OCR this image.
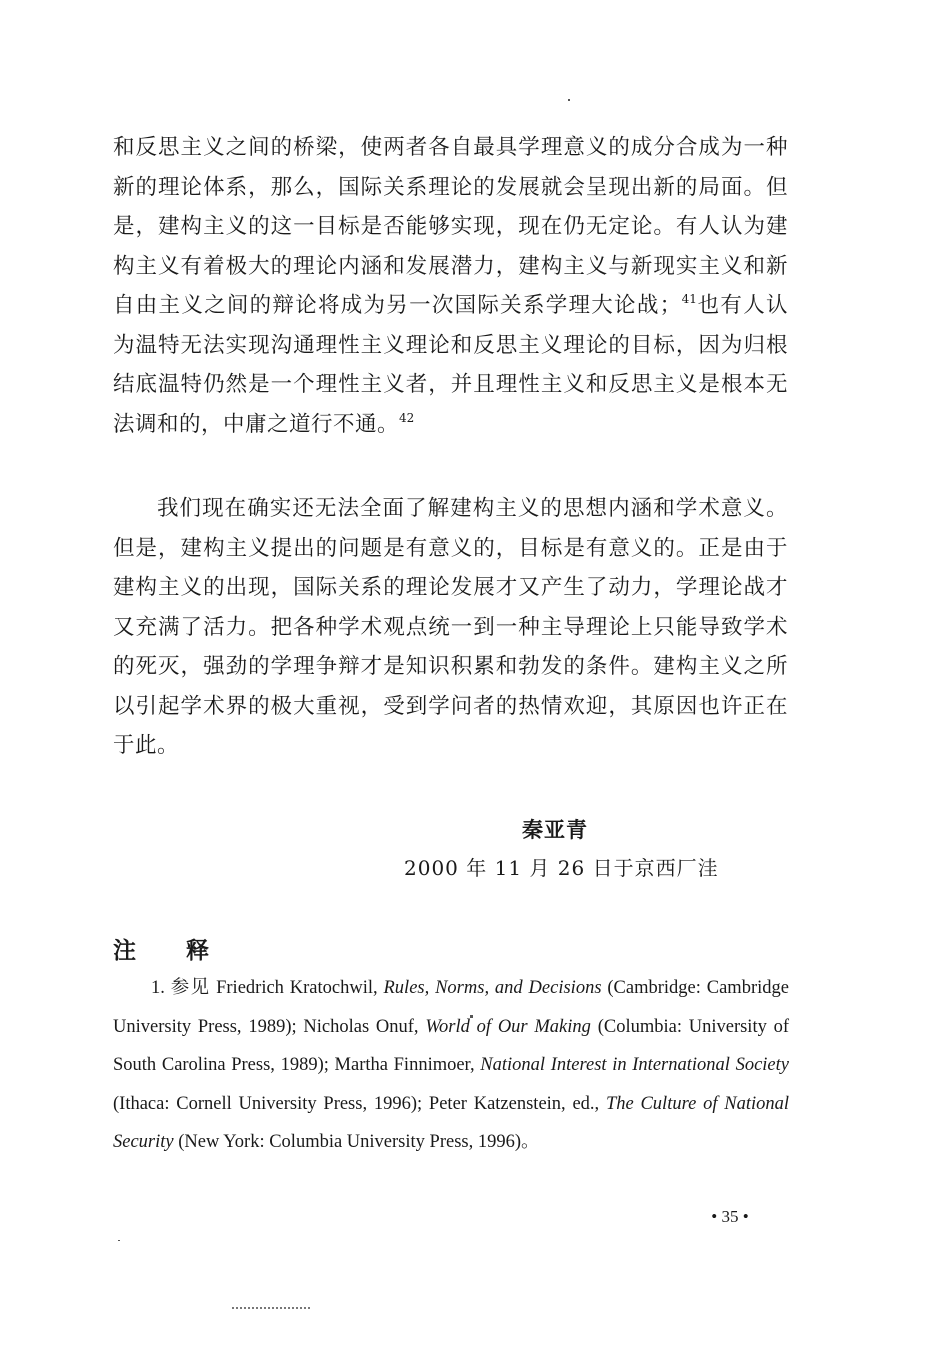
和反思主义之间的桥梁，使两者各自最具学理意义的成分合成为一种新的理论体系，那么，国际关系理论的发展就会呈现出新的局面。但是，建构主义的这一目标是否能够实现，现在仍无定论。有人认为建构主义有着极大的理论内涵和发展潜力，建构主义与新现实主义和新自由主义之间的辩论将成为另一次国际关系学理大论战；$^{41}$也有人认为温特无法实现沟通理性主义理论和反思主义理论的目标，因为归根结底温特仍然是一个理性主义者，并且理性主义和反思主义是根本无法调和的，中庸之道行不通。$^{42}$

我们现在确实还无法全面了解建构主义的思想内涵和学术意义。但是，建构主义提出的问题是有意义的，目标是有意义的。正是由于建构主义的出现，国际关系的理论发展才又产生了动力，学理论战才又充满了活力。把各种学术观点统一到一种主导理论上只能导致学术的死灭，强劲的学理争辩才是知识积累和勃发的条件。建构主义之所以引起学术界的极大重视，受到学问者的热情欢迎，其原因也许正在于此。

秦亚青
2000 年 11 月 26 日于京西厂洼
注 释
1. 参见 Friedrich Kratochwil, Rules, Norms, and Decisions (Cambridge: Cambridge University Press, 1989); Nicholas Onuf, World of Our Making (Columbia: University of South Carolina Press, 1989); Martha Finnimoer, National Interest in International Society (Ithaca: Cornell University Press, 1996); Peter Katzenstein, ed., The Culture of National Security (New York: Columbia University Press, 1996)。
• 35 •
